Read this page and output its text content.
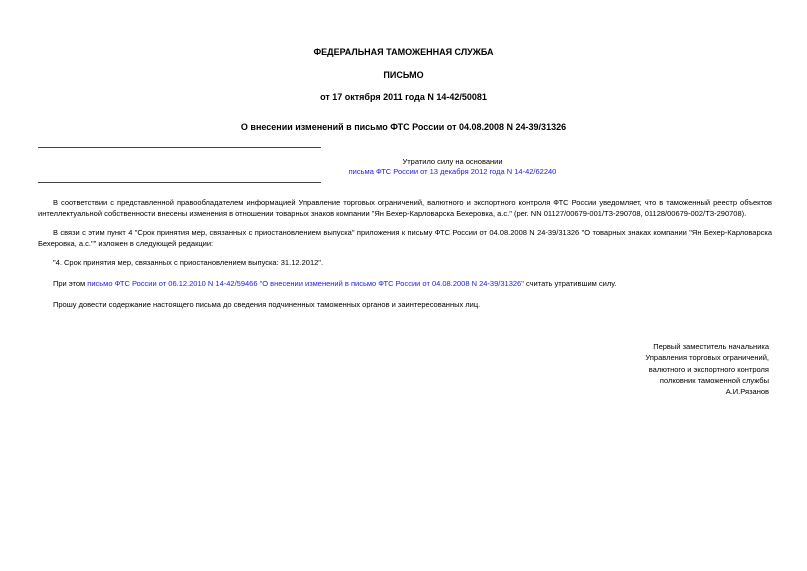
ФЕДЕРАЛЬНАЯ ТАМОЖЕННАЯ СЛУЖБА
ПИСЬМО
от 17 октября 2011 года N 14-42/50081
О внесении изменений в письмо ФТС России от 04.08.2008 N 24-39/31326
Утратило силу на основании
письма ФТС России от 13 декабря 2012 года N 14-42/62240
В соответствии с представленной правообладателем информацией Управление торговых ограничений, валютного и экспортного контроля ФТС России уведомляет, что в таможенный реестр объектов интеллектуальной собственности внесены изменения в отношении товарных знаков компании "Ян Бехер-Карловарска Бехеровка, а.с." (рег. NN 01127/00679-001/ТЗ-290708, 01128/00679-002/ТЗ-290708).
В связи с этим пункт 4 "Срок принятия мер, связанных с приостановлением выпуска" приложения к письму ФТС России от 04.08.2008 N 24-39/31326 "О товарных знаках компании "Ян Бехер-Карловарска Бехеровка, а.с."" изложен в следующей редакции:
"4. Срок принятия мер, связанных с приостановлением выпуска: 31.12.2012".
При этом письмо ФТС России от 06.12.2010 N 14-42/59466 "О внесении изменений в письмо ФТС России от 04.08.2008 N 24-39/31326" считать утратившим силу.
Прошу довести содержание настоящего письма до сведения подчиненных таможенных органов и заинтересованных лиц.
Первый заместитель начальника
Управления торговых ограничений,
валютного и экспортного контроля
полковник таможенной службы
А.И.Рязанов
